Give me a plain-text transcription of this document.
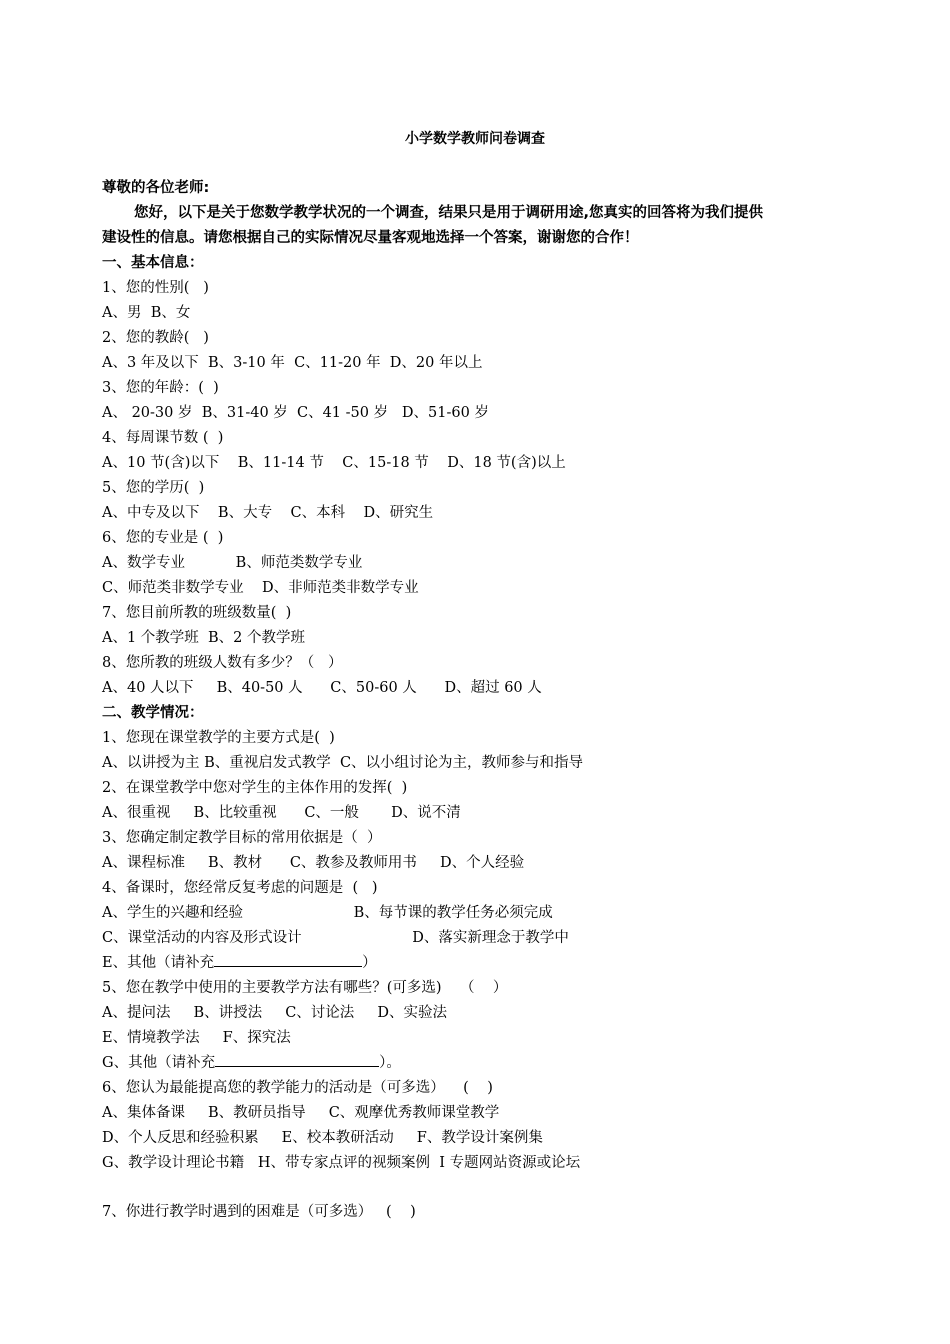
小学数学教师问卷调查
尊敬的各位老师:
您好，以下是关于您数学教学状况的一个调查，结果只是用于调研用途,您真实的回答将为我们提供
建设性的信息。请您根据自己的实际情况尽量客观地选择一个答案，谢谢您的合作！
一、基本信息：
1、您的性别(   )
A、男  B、女
2、您的教龄(   )
A、3 年及以下  B、3-10 年  C、11-20 年  D、20 年以上
3、您的年龄：(  )
A、 20-30 岁  B、31-40 岁  C、41 -50 岁   D、51-60 岁
4、每周课节数 (  )
A、10 节(含)以下    B、11-14 节    C、15-18 节    D、18 节(含)以上
5、您的学历(  )
A、中专及以下    B、大专    C、本科    D、研究生
6、您的专业是 (  )
A、数学专业           B、师范类数学专业
C、师范类非数学专业    D、非师范类非数学专业
7、您目前所教的班级数量(  )
A、1 个教学班  B、2 个教学班
8、您所教的班级人数有多少？（   ）
A、40 人以下     B、40-50 人      C、50-60 人      D、超过 60 人
二、教学情况：
1、您现在课堂教学的主要方式是(  )
A、以讲授为主 B、重视启发式教学  C、以小组讨论为主，教师参与和指导
2、在课堂教学中您对学生的主体作用的发挥(  )
A、很重视     B、比较重视      C、一般       D、说不清
3、您确定制定教学目标的常用依据是（  ）
A、课程标准     B、教材      C、教参及教师用书     D、个人经验
4、备课时，您经常反复考虑的问题是  (   )
A、学生的兴趣和经验                        B、每节课的教学任务必须完成
C、课堂活动的内容及形式设计                        D、落实新理念于教学中
E、其他（请补充	）
5、您在教学中使用的主要教学方法有哪些？(可多选)    （    ）
A、提问法     B、讲授法     C、讨论法     D、实验法
E、情境教学法     F、探究法
G、其他（请补充	）。
6、您认为最能提高您的教学能力的活动是（可多选）    (    )
A、集体备课     B、教研员指导     C、观摩优秀教师课堂教学
D、个人反思和经验积累     E、校本教研活动     F、教学设计案例集
G、教学设计理论书籍   H、带专家点评的视频案例  I 专题网站资源或论坛
7、你进行教学时遇到的困难是（可多选）   (    )
